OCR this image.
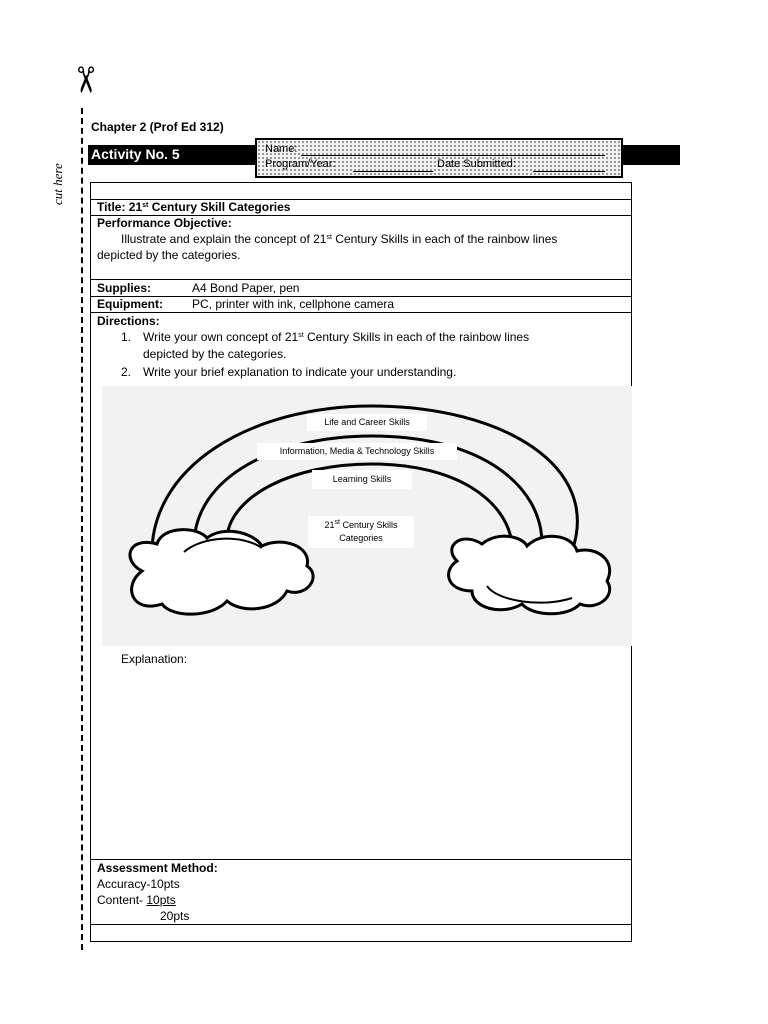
✂
cut here
Chapter 2 (Prof Ed 312)
Activity No. 5	Name:
Program/Year:	Date Submitted:
Title: 21st Century Skill Categories
Performance Objective:
Illustrate and explain the concept of 21st Century Skills in each of the rainbow lines
depicted by the categories.
Supplies:	A4 Bond Paper, pen
Equipment: PC, printer with ink, cellphone camera
Directions:
1. Write your own concept of 21st Century Skills in each of the rainbow lines
depicted by the categories.
2. Write your brief explanation to indicate your understanding.
Life and Career Skills
Information, Media & Technology Skills
Learning Skills
21st Century Skills
Categories
Explanation:
Assessment Method:
Accuracy-10pts
Content- 10pts
20pts
